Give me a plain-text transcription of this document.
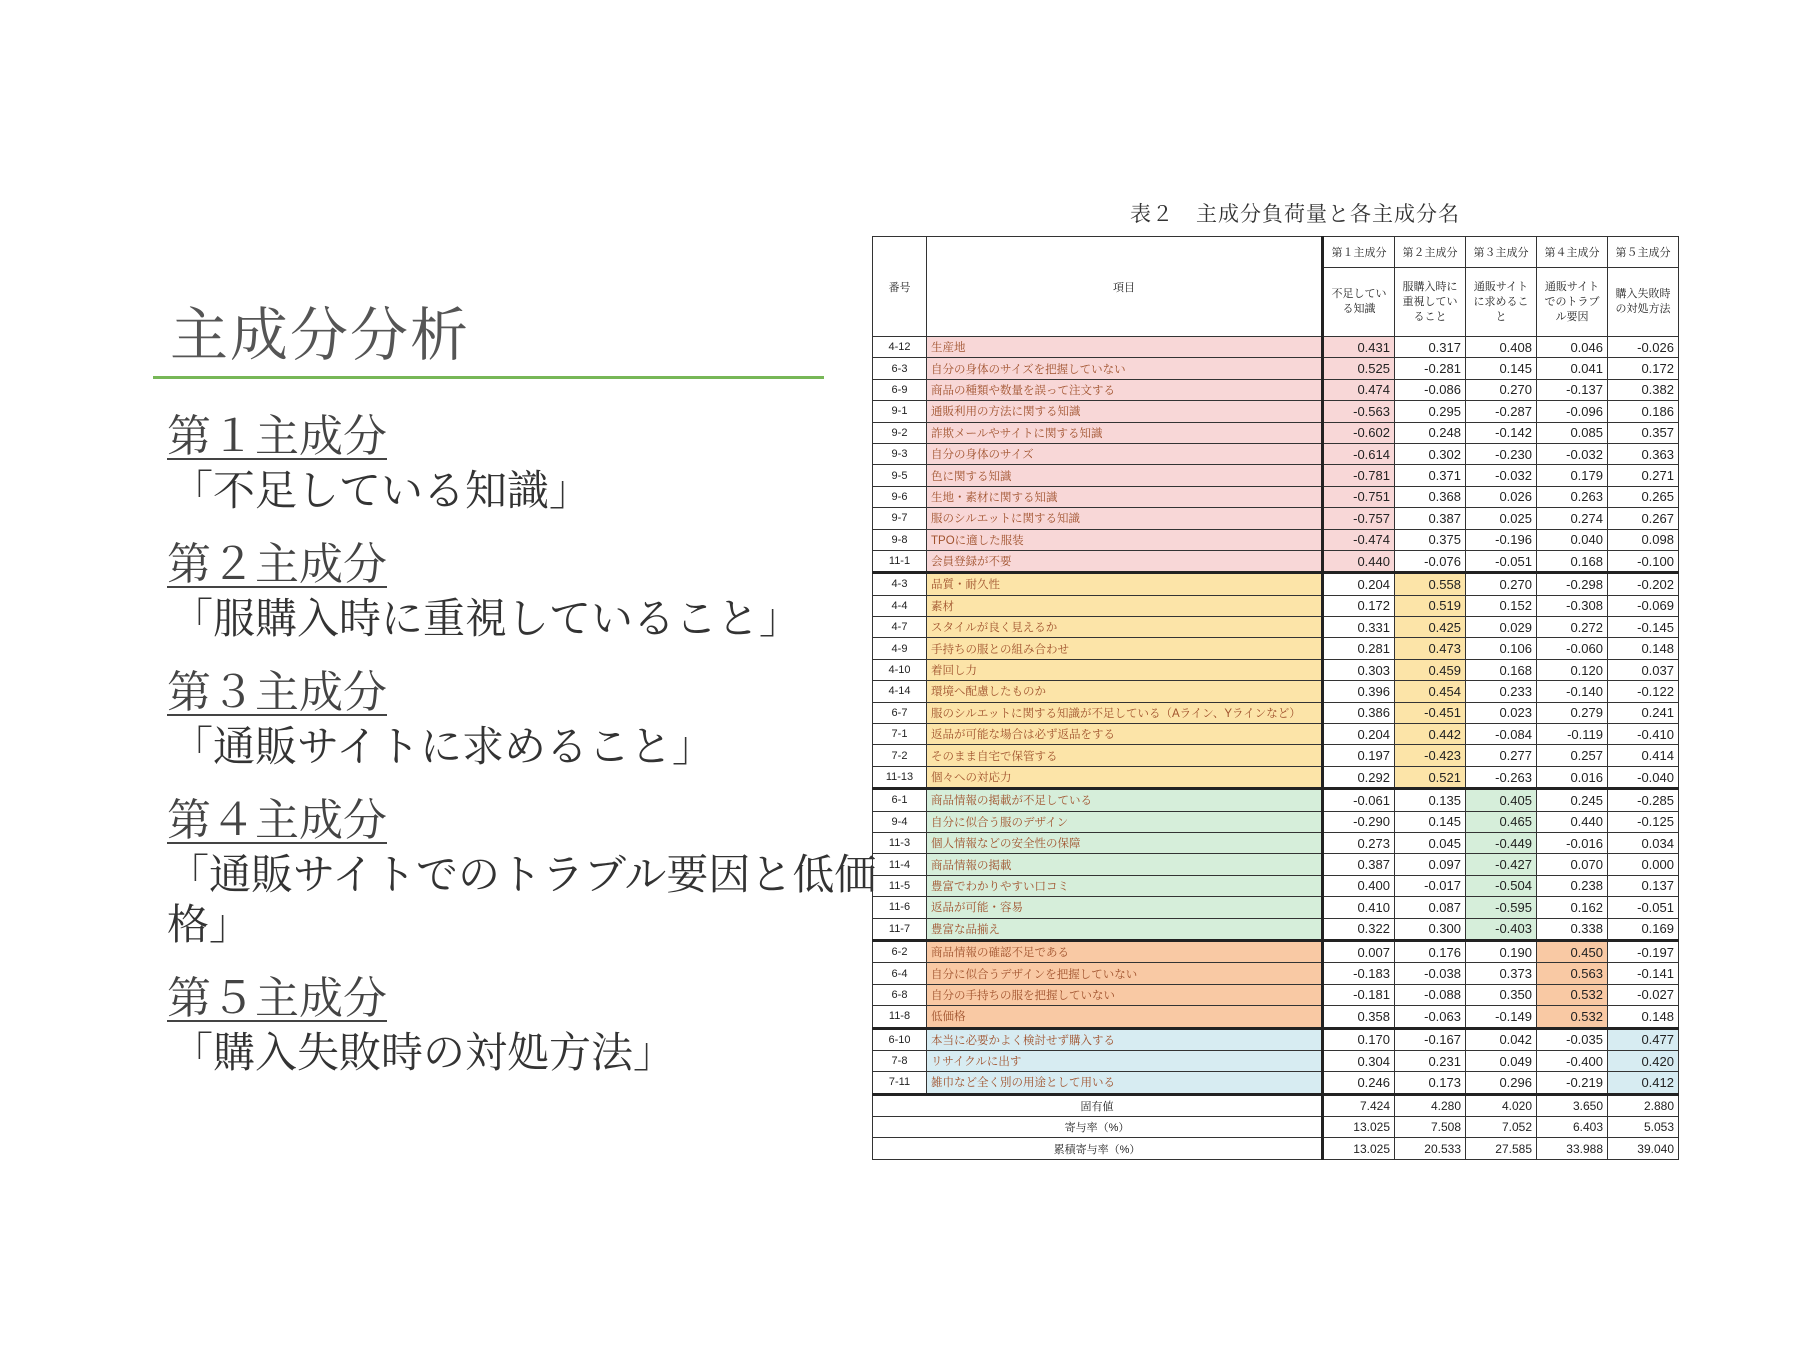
主成分分析
第１主成分
「不足している知識」
第２主成分
「服購入時に重視していること」
第３主成分
「通販サイトに求めること」
第４主成分
「通販サイトでのトラブル要因と低価格」
第５主成分
「購入失敗時の対処方法」
表２　主成分負荷量と各主成分名
番号	項目	第１主成分	第２主成分	第３主成分	第４主成分	第５主成分
		不足している知識	服購入時に重視していること	通販サイトに求めること	通販サイトでのトラブル要因	購入失敗時の対処方法
4-12	生産地	0.431	0.317	0.408	0.046	-0.026
6-3	自分の身体のサイズを把握していない	0.525	-0.281	0.145	0.041	0.172
6-9	商品の種類や数量を誤って注文する	0.474	-0.086	0.270	-0.137	0.382
9-1	通販利用の方法に関する知識	-0.563	0.295	-0.287	-0.096	0.186
9-2	詐欺メールやサイトに関する知識	-0.602	0.248	-0.142	0.085	0.357
9-3	自分の身体のサイズ	-0.614	0.302	-0.230	-0.032	0.363
9-5	色に関する知識	-0.781	0.371	-0.032	0.179	0.271
9-6	生地・素材に関する知識	-0.751	0.368	0.026	0.263	0.265
9-7	服のシルエットに関する知識	-0.757	0.387	0.025	0.274	0.267
9-8	TPOに適した服装	-0.474	0.375	-0.196	0.040	0.098
11-1	会員登録が不要	0.440	-0.076	-0.051	0.168	-0.100
4-3	品質・耐久性	0.204	0.558	0.270	-0.298	-0.202
4-4	素材	0.172	0.519	0.152	-0.308	-0.069
4-7	スタイルが良く見えるか	0.331	0.425	0.029	0.272	-0.145
4-9	手持ちの服との組み合わせ	0.281	0.473	0.106	-0.060	0.148
4-10	着回し力	0.303	0.459	0.168	0.120	0.037
4-14	環境へ配慮したものか	0.396	0.454	0.233	-0.140	-0.122
6-7	服のシルエットに関する知識が不足している（Aライン、Yラインなど）	0.386	-0.451	0.023	0.279	0.241
7-1	返品が可能な場合は必ず返品をする	0.204	0.442	-0.084	-0.119	-0.410
7-2	そのまま自宅で保管する	0.197	-0.423	0.277	0.257	0.414
11-13	個々への対応力	0.292	0.521	-0.263	0.016	-0.040
6-1	商品情報の掲載が不足している	-0.061	0.135	0.405	0.245	-0.285
9-4	自分に似合う服のデザイン	-0.290	0.145	0.465	0.440	-0.125
11-3	個人情報などの安全性の保障	0.273	0.045	-0.449	-0.016	0.034
11-4	商品情報の掲載	0.387	0.097	-0.427	0.070	0.000
11-5	豊富でわかりやすい口コミ	0.400	-0.017	-0.504	0.238	0.137
11-6	返品が可能・容易	0.410	0.087	-0.595	0.162	-0.051
11-7	豊富な品揃え	0.322	0.300	-0.403	0.338	0.169
6-2	商品情報の確認不足である	0.007	0.176	0.190	0.450	-0.197
6-4	自分に似合うデザインを把握していない	-0.183	-0.038	0.373	0.563	-0.141
6-8	自分の手持ちの服を把握していない	-0.181	-0.088	0.350	0.532	-0.027
11-8	低価格	0.358	-0.063	-0.149	0.532	0.148
6-10	本当に必要かよく検討せず購入する	0.170	-0.167	0.042	-0.035	0.477
7-8	リサイクルに出す	0.304	0.231	0.049	-0.400	0.420
7-11	雑巾など全く別の用途として用いる	0.246	0.173	0.296	-0.219	0.412
固有値		7.424	4.280	4.020	3.650	2.880
寄与率（%）		13.025	7.508	7.052	6.403	5.053
累積寄与率（%）		13.025	20.533	27.585	33.988	39.040
